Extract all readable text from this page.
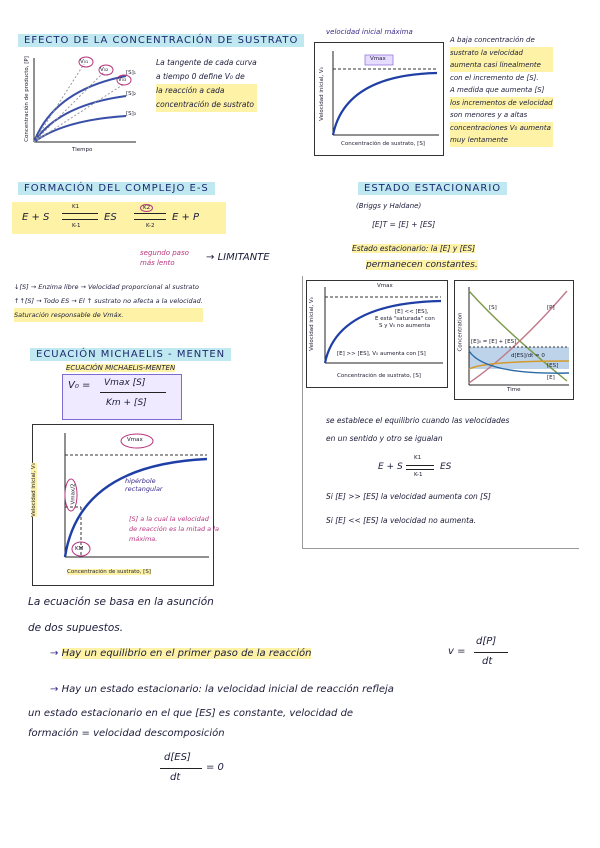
EFECTO DE LA CONCENTRACIÓN DE SUSTRATO
V₀₁
V₀₂
V₀₃
[S]₁
[S]₂
[S]₃
Concentración de producto, [P]
Tiempo
La tangente de cada curva
a tiempo 0 define V₀ de
la reacción a cada
concentración de sustrato
velocidad inicial máxima
Vmax
Velocidad inicial, V₀
Concentración de sustrato, [S]
A baja concentración de
sustrato la velocidad
aumenta casi linealmente
con el incremento de [S].
A medida que aumenta [S]
los incrementos de velocidad
son menores y a altas
concentraciones V₀ aumenta
muy lentamente
FORMACIÓN DEL COMPLEJO E-S
E + S
K1
K-1
ES
K2
K-2
E + P
segundo paso más lento	→ LIMITANTE
↓[S] → Enzima libre → Velocidad proporcional al sustrato
↑↑[S] → Todo ES → El ↑ sustrato no afecta a la velocidad.
Saturación responsable de Vmáx.
ESTADO ESTACIONARIO
(Briggs y Haldane)
[E]T = [E] + [ES]
Estado estacionario: la [E] y [ES]
permanecen constantes.
Vmax
[E] << [ES],
E está "saturada" con
S y V₀ no aumenta
[E] >> [ES], V₀ aumenta con [S]
Velocidad inicial, V₀
Concentración de sustrato, [S]
Concentration
Time
[S]	[P]
[E]₀ = [E] + [ES]
d[ES]/dt = 0
[ES]
[E]
se establece el equilibrio cuando las velocidades
en un sentido y otro se igualan
E + S
K1
K-1
ES
Si [E] >> [ES] la velocidad aumenta con [S]
Si [E] << [ES] la velocidad no aumenta.
ECUACIÓN MICHAELIS - MENTEN
ECUACIÓN MICHAELIS-MENTEN
V₀ = Vmax [S]
Km + [S]
Vmax
Vmax/2
KM
hipérbole rectangular
[S] a la cual la velocidad
de reacción es la mitad a la
máxima.
Velocidad inicial, V₀
Concentración de sustrato, [S]
La ecuación se basa en la asunción
de dos supuestos.
→ Hay un equilibrio en el primer paso de la reacción	v =
d[P]
dt
→ Hay un estado estacionario: la velocidad inicial de reacción refleja
un estado estacionario en el que [ES] es constante, velocidad de
formación = velocidad descomposición
d[ES]
dt
= 0
